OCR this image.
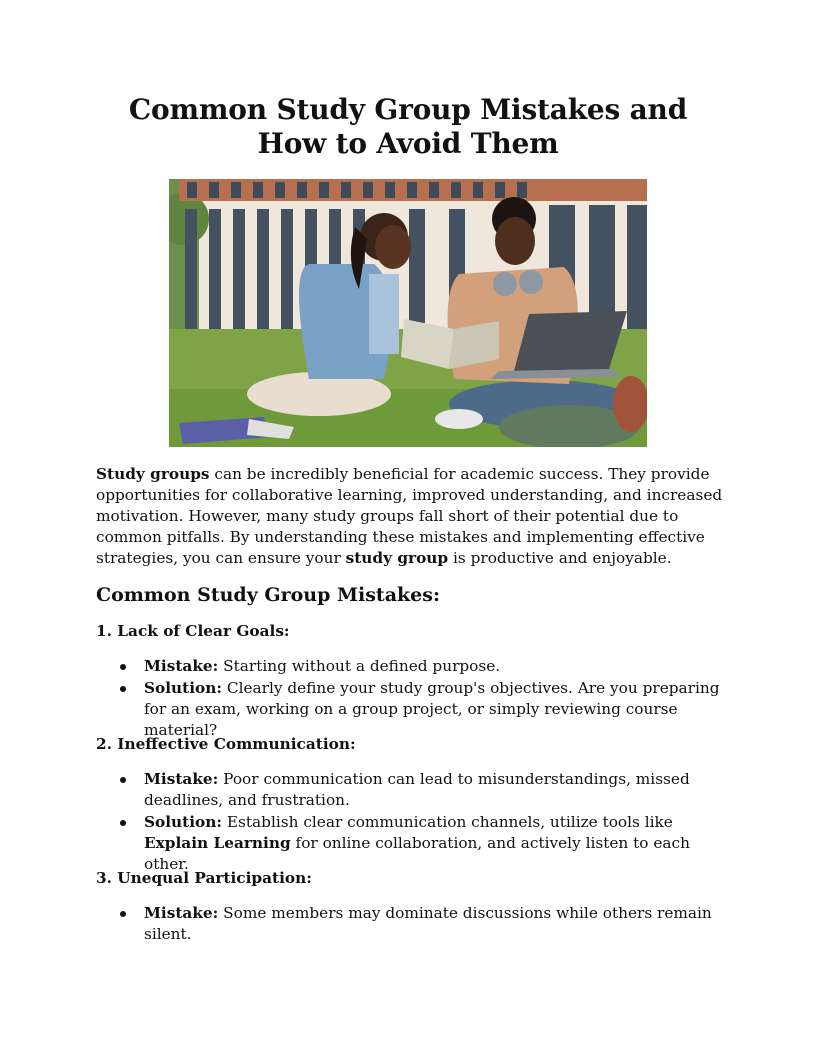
Common Study Group Mistakes and How to Avoid Them

Study groups can be incredibly beneficial for academic success. They provide opportunities for collaborative learning, improved understanding, and increased motivation. However, many study groups fall short of their potential due to common pitfalls. By understanding these mistakes and implementing effective strategies, you can ensure your study group is productive and enjoyable.

Common Study Group Mistakes:
1. Lack of Clear Goals:
Mistake: Starting without a defined purpose.
Solution: Clearly define your study group's objectives. Are you preparing for an exam, working on a group project, or simply reviewing course material?
2. Ineffective Communication:
Mistake: Poor communication can lead to misunderstandings, missed deadlines, and frustration.
Solution: Establish clear communication channels, utilize tools like Explain Learning for online collaboration, and actively listen to each other.
3. Unequal Participation:
Mistake: Some members may dominate discussions while others remain silent.
